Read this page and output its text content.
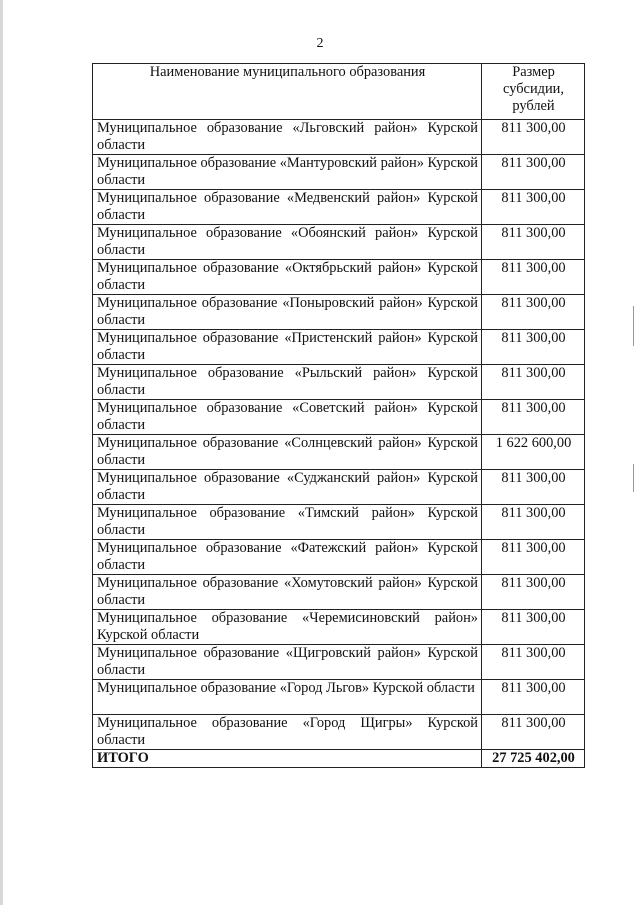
2
Наименование муниципального образования	Размер субсидии, рублей
Муниципальное образование «Льговский район» Курской области	811 300,00
Муниципальное образование «Мантуровский район» Курской области	811 300,00
Муниципальное образование «Медвенский район» Курской области	811 300,00
Муниципальное образование «Обоянский район» Курской области	811 300,00
Муниципальное образование «Октябрьский район» Курской области	811 300,00
Муниципальное образование «Поныровский район» Курской области	811 300,00
Муниципальное образование «Пристенский район» Курской области	811 300,00
Муниципальное образование «Рыльский район» Курской области	811 300,00
Муниципальное образование «Советский район» Курской области	811 300,00
Муниципальное образование «Солнцевский район» Курской области	1 622 600,00
Муниципальное образование «Суджанский район» Курской области	811 300,00
Муниципальное образование «Тимский район» Курской области	811 300,00
Муниципальное образование «Фатежский район» Курской области	811 300,00
Муниципальное образование «Хомутовский район» Курской области	811 300,00
Муниципальное образование «Черемисиновский район» Курской области	811 300,00
Муниципальное образование «Щигровский район» Курской области	811 300,00
Муниципальное образование «Город Льгов» Курской области	811 300,00
Муниципальное образование «Город Щигры» Курской области	811 300,00
ИТОГО	27 725 402,00
